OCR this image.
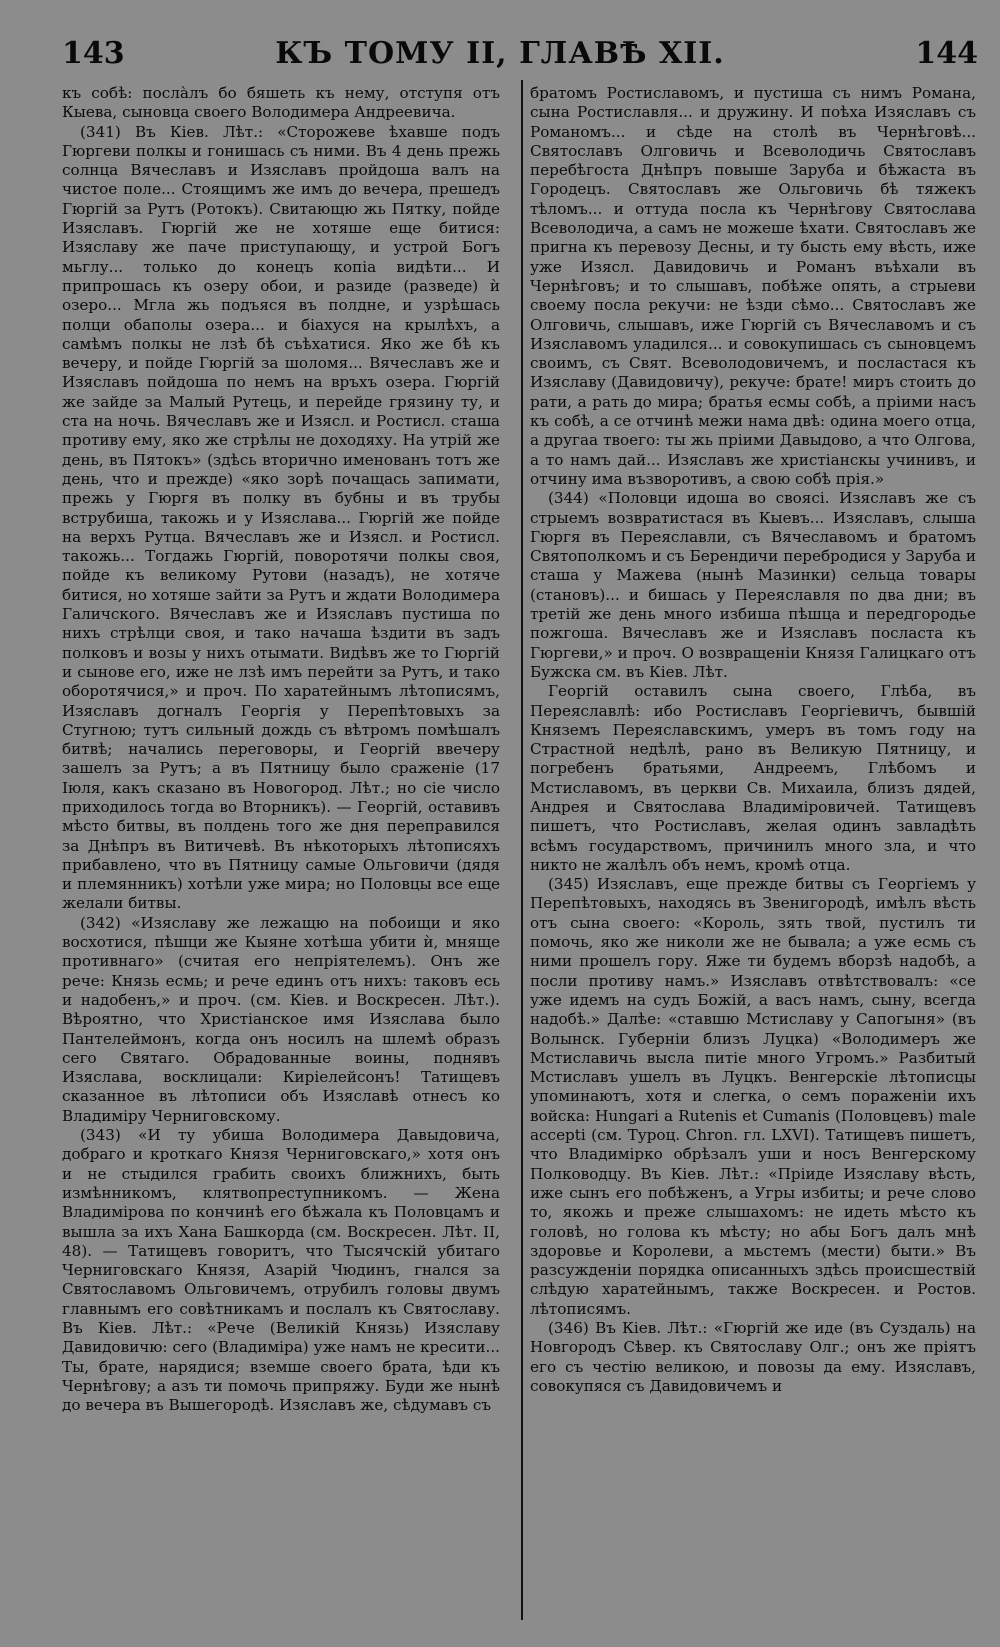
143	КЪ ТОМУ II, ГЛАВѢ XII.	144

къ собѣ: посла̀лъ бо бяшеть къ нему, отступя отъ Кыева, сыновца своего Володимера Андреевича.

(341) Въ Кiев. Лѣт.: «Сторожеве ѣхавше подъ Гюргеви полкы и гонишась съ ними. Въ 4 день прежь солнца Вячеславъ и Изяславъ пройдоша валъ на чистое поле... Стоящимъ же имъ до вечера, прешедъ Гюргiй за Рутъ (Ротокъ). Свитающю жь Пятку, пойде Изяславъ. Гюргiй же не хотяше еще битися: Изяславу же паче приступающу, и устрой Богъ мьглу... только до конецъ копiа видѣти... И припрошась къ озеру обои, и разиде (разведе) ѝ озеро... Мгла жь подъяся въ полдне, и узрѣшась полци обаполы озера... и бiахуся на крылѣхъ, а самѣмъ полкы не лзѣ бѣ съѣхатися. Яко же бѣ къ вечеру, и пойде Гюргiй за шоломя... Вячеславъ же и Изяславъ пойдоша по немъ на връхъ озера. Гюргiй же зайде за Малый Рутець, и перейде грязину ту, и ста на ночь. Вячеславъ же и Изясл. и Ростисл. сташа противу ему, яко же стрѣлы не доходяху. На утрiй же день, въ Пятокъ» (здѣсь вторично именованъ тотъ же день, что и прежде) «яко зорѣ почащась запимати, прежь у Гюргя въ полку въ бубны и въ трубы вструбиша, такожь и у Изяслава... Гюргiй же пойде на верхъ Рутца. Вячеславъ же и Изясл. и Ростисл. такожь... Тогдажь Гюргiй, поворотячи полкы своя, пойде къ великому Рутови (назадъ), не хотяче битися, но хотяше зайти за Рутъ и ждати Володимера Галичского. Вячеславъ же и Изяславъ пустиша по нихъ стрѣлци своя, и тако начаша ѣздити въ задъ полковъ и возы у нихъ отымати. Видѣвъ же то Гюргiй и сынове его, иже не лзѣ имъ перейти за Рутъ, и тако оборотячися,» и проч. По харатейнымъ лѣтописямъ, Изяславъ догналъ Георгiя у Перепѣтовыхъ за Стугною; тутъ сильный дождь съ вѣтромъ помѣшалъ битвѣ; начались переговоры, и Георгiй ввечеру зашелъ за Рутъ; а въ Пятницу было сраженiе (17 Iюля, какъ сказано въ Новогород. Лѣт.; но сiе число приходилось тогда во Вторникъ). — Георгiй, оставивъ мѣсто битвы, въ полдень того же дня переправился за Днѣпръ въ Витичевѣ. Въ нѣкоторыхъ лѣтописяхъ прибавлено, что въ Пятницу самые Ольговичи (дядя и племянникъ) хотѣли уже мира; но Половцы все еще желали битвы.

(342) «Изяславу же лежащю на побоищи и яко восхотися, пѣшци же Кыяне хотѣша убити ѝ, мняще противнаго» (считая его непрiятелемъ). Онъ же рече: Князь есмь; и рече единъ отъ нихъ: таковъ есь и надобенъ,» и проч. (см. Кiев. и Воскресен. Лѣт.). Вѣроятно, что Христiанское имя Изяслава было Пантелеймонъ, когда онъ носилъ на шлемѣ образъ сего Святаго. Обрадованные воины, поднявъ Изяслава, восклицали: Кирiелейсонъ! Татищевъ сказанное въ лѣтописи объ Изяславѣ отнесъ ко Владимiру Черниговскому.

(343) «И ту убиша Володимера Давыдовича, добраго и кроткаго Князя Черниговскаго,» хотя онъ и не стыдился грабить своихъ ближнихъ, быть измѣнникомъ, клятвопреступникомъ. — Жена Владимiрова по кончинѣ его бѣжала къ Половцамъ и вышла за ихъ Хана Башкорда (см. Воскресен. Лѣт. II, 48). — Татищевъ говоритъ, что Тысячскiй убитаго Черниговскаго Князя, Азарiй Чюдинъ, гнался за Святославомъ Ольговичемъ, отрубилъ головы двумъ главнымъ его совѣтникамъ и послалъ къ Святославу. Въ Кiев. Лѣт.: «Рече (Великiй Князь) Изяславу Давидовичю: сего (Владимiра) уже намъ не кресити... Ты, брате, нарядися; вземше своего брата, ѣди къ Чернѣгову; а азъ ти помочь припряжу. Буди же нынѣ до вечера въ Вышегородѣ. Изяславъ же, сѣдумавъ съ

братомъ Ростиславомъ, и пустиша съ нимъ Романа, сына Ростиславля... и дружину. И поѣха Изяславъ съ Романомъ... и сѣде на столѣ въ Чернѣговѣ... Святославъ Олговичь и Всеволодичь Святославъ перебѣгоста Днѣпръ повыше Заруба и бѣжаста въ Городецъ. Святославъ же Ольговичь бѣ тяжекъ тѣломъ... и оттуда посла къ Чернѣгову Святослава Всеволодича, а самъ не можеше ѣхати. Святославъ же пригна къ перевозу Десны, и ту бысть ему вѣсть, иже уже Изясл. Давидовичь и Романъ въѣхали въ Чернѣговъ; и то слышавъ, побѣже опять, а стрыеви своему посла рекучи: не ѣзди сѣмо... Святославъ же Олговичь, слышавъ, иже Гюргiй съ Вячеславомъ и съ Изяславомъ уладился... и совокупишась съ сыновцемъ своимъ, съ Свят. Всеволодовичемъ, и посластася къ Изяславу (Давидовичу), рекуче: брате! миръ стоить до рати, а рать до мира; братья есмы собѣ, а прiими насъ къ собѣ, а се отчинѣ межи нама двѣ: одина моего отца, а другаа твоего: ты жь прiими Давыдово, а что Олгова, а то намъ дай... Изяславъ же христiанскы учинивъ, и отчину има възворотивъ, а свою собѣ прiя.»

(344) «Половци идоша во своясi. Изяславъ же съ стрыемъ возвратистася въ Кыевъ... Изяславъ, слыша Гюргя въ Переяславли, съ Вячеславомъ и братомъ Святополкомъ и съ Берендичи перебродися у Заруба и сташа у Мажева (нынѣ Мазинки) сельца товары (становъ)... и бишась у Переяславля по два дни; въ третiй же день много избиша пѣшца и передгородье пожгоша. Вячеславъ же и Изяславъ посласта къ Гюргеви,» и проч. О возвращенiи Князя Галицкаго отъ Бужска см. въ Кiев. Лѣт.

Георгiй оставилъ сына своего, Глѣба, въ Переяславлѣ: ибо Ростиславъ Георгiевичъ, бывшiй Княземъ Переяславскимъ, умеръ въ томъ году на Страстной недѣлѣ, рано въ Великую Пятницу, и погребенъ братьями, Андреемъ, Глѣбомъ и Мстиславомъ, въ церкви Св. Михаила, близъ дядей, Андрея и Святослава Владимiровичей. Татищевъ пишетъ, что Ростиславъ, желая одинъ завладѣть всѣмъ государствомъ, причинилъ много зла, и что никто не жалѣлъ объ немъ, кромѣ отца.

(345) Изяславъ, еще прежде битвы съ Георгiемъ у Перепѣтовыхъ, находясь въ Звенигородѣ, имѣлъ вѣсть отъ сына своего: «Король, зять твой, пустилъ ти помочь, яко же николи же не бывала; а уже есмь съ ними прошелъ гору. Яже ти будемъ вборзѣ надобѣ, а посли противу намъ.» Изяславъ отвѣтствовалъ: «се уже идемъ на судъ Божiй, а васъ намъ, сыну, всегда надобѣ.» Далѣе: «ставшю Мстиславу у Сапогыня» (въ Волынск. Губернiи близъ Луцка) «Володимеръ же Мстиславичь высла питiе много Угромъ.» Разбитый Мстиславъ ушелъ въ Луцкъ. Венгерскiе лѣтописцы упоминаютъ, хотя и слегка, о семъ пораженiи ихъ войска: Hungari a Rutenis et Cumanis (Половцевъ) male accepti (см. Туроц. Chron. гл. LXVI). Татищевъ пишетъ, что Владимiрко обрѣзалъ уши и носъ Венгерскому Полководцу. Въ Кiев. Лѣт.: «Прiиде Изяславу вѣсть, иже сынъ его побѣженъ, а Угры избиты; и рече слово то, якожь и преже слышахомъ: не идеть мѣсто къ головѣ, но голова къ мѣсту; но абы Богъ далъ мнѣ здоровье и Королеви, а мьстемъ (мести) быти.» Въ разсужденiи порядка описанныхъ здѣсь происшествiй слѣдую харатейнымъ, также Воскресен. и Ростов. лѣтописямъ.

(346) Въ Кiев. Лѣт.: «Гюргiй же иде (въ Суздаль) на Новгородъ Сѣвер. къ Святославу Олг.; онъ же прiятъ его съ честiю великою, и повозы да ему. Изяславъ, совокупяся съ Давидовичемъ и
